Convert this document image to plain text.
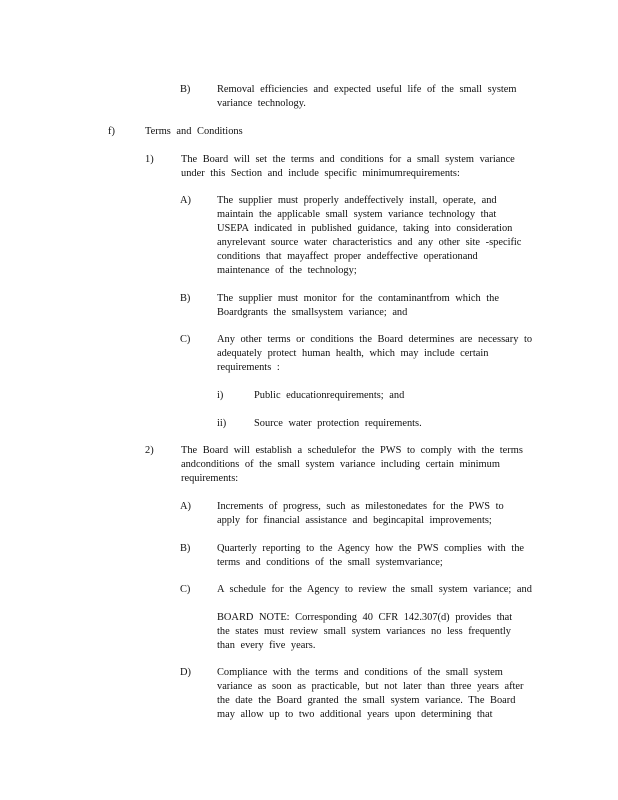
B)	Removal efficiencies and expected useful life of the small system
variance technology.
f)	Terms and Conditions
1)	The Board will set the terms and conditions for a small system variance
under this Section and include specific minimumrequirements:
A)	The supplier must properly andeffectively install, operate, and
maintain the applicable small system variance technology that
USEPA indicated in published guidance, taking into consideration
anyrelevant source water characteristics and any other site -specific
conditions that mayaffect proper andeffective operationand
maintenance of the technology;
B)	The supplier must monitor for the contaminantfrom which the
Boardgrants the smallsystem variance; and
C)	Any other terms or conditions the Board determines are necessary to
adequately protect human health, which may include certain
requirements :
i)	Public educationrequirements; and
ii)	Source water protection requirements.
2)	The Board will establish a schedulefor the PWS to comply with the terms
andconditions of the small system variance including certain minimum
requirements:
A)	Increments of progress, such as milestonedates for the PWS to
apply for financial assistance and begincapital improvements;
B)	Quarterly reporting to the Agency how the PWS complies with the
terms and conditions of the small systemvariance;
C)	A schedule for the Agency to review the small system variance; and
BOARD NOTE: Corresponding 40 CFR 142.307(d) provides that
the states must review small system variances no less frequently
than every five years.
D)	Compliance with the terms and conditions of the small system
variance as soon as practicable, but not later than three years after
the date the Board granted the small system variance. The Board
may allow up to two additional years upon determining that
